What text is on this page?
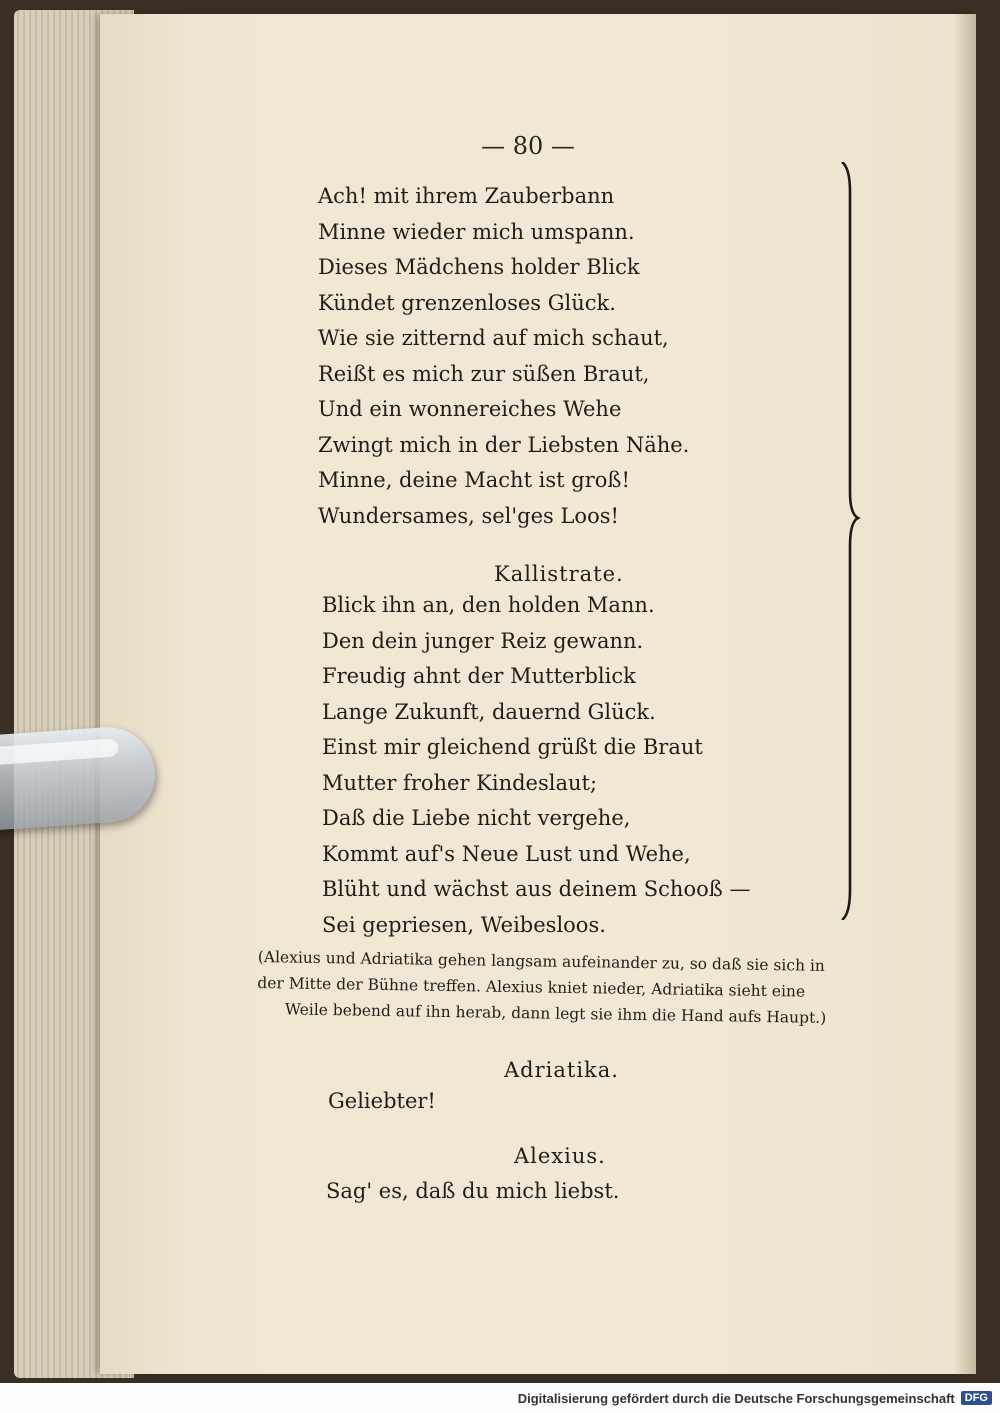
— 80 —
Ach! mit ihrem Zauberbann
Minne wieder mich umspann.
Dieses Mädchens holder Blick
Kündet grenzenloses Glück.
Wie sie zitternd auf mich schaut,
Reißt es mich zur süßen Braut,
Und ein wonnereiches Wehe
Zwingt mich in der Liebsten Nähe.
Minne, deine Macht ist groß!
Wundersames, sel'ges Loos!
Kallistrate.
Blick ihn an, den holden Mann.
Den dein junger Reiz gewann.
Freudig ahnt der Mutterblick
Lange Zukunft, dauernd Glück.
Einst mir gleichend grüßt die Braut
Mutter froher Kindeslaut;
Daß die Liebe nicht vergehe,
Kommt auf's Neue Lust und Wehe,
Blüht und wächst aus deinem Schooß —
Sei gepriesen, Weibesloos.
(Alexius und Adriatika gehen langsam aufeinander zu, so daß sie sich in
der Mitte der Bühne treffen. Alexius kniet nieder, Adriatika sieht eine
Weile bebend auf ihn herab, dann legt sie ihm die Hand aufs Haupt.)
Adriatika.
Geliebter!
Alexius.
Sag' es, daß du mich liebst.
Digitalisierung gefördert durch die Deutsche Forschungsgemeinschaft DFG
